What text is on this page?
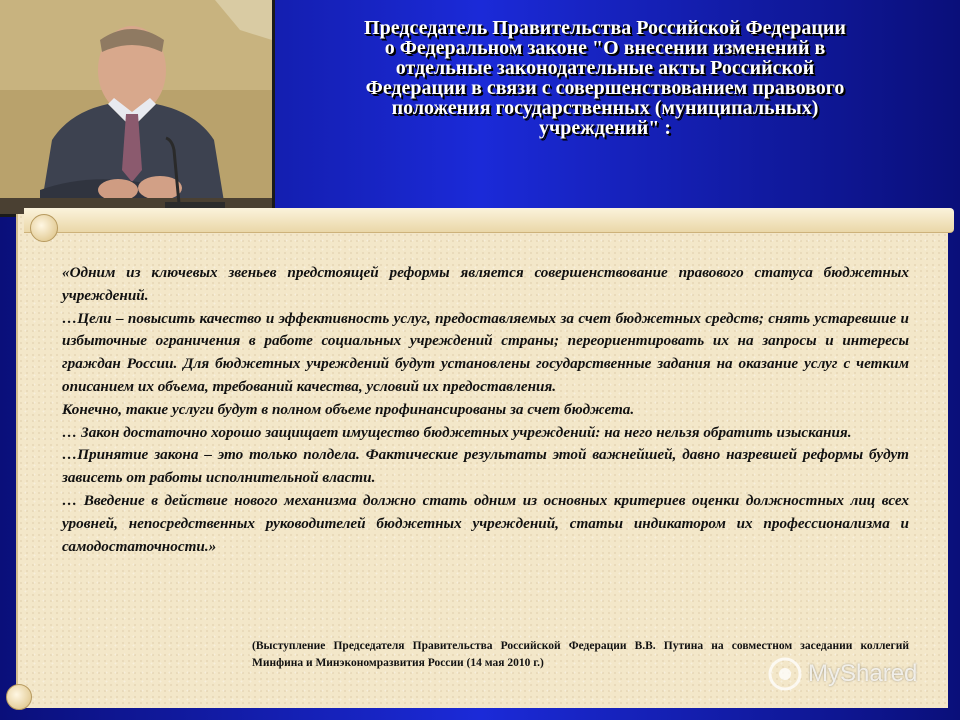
Председатель Правительства Российской Федерации
о Федеральном законе "О внесении изменений в
отдельные законодательные акты Российской
Федерации в связи с совершенствованием правового
положения государственных (муниципальных)
учреждений" :

«Одним из ключевых звеньев предстоящей реформы является совершенствование правового статуса бюджетных учреждений.

…Цели – повысить качество и эффективность услуг, предоставляемых за счет бюджетных средств; снять устаревшие и избыточные ограничения в работе социальных учреждений страны; переориентировать их на запросы и интересы граждан России. Для бюджетных учреждений будут установлены государственные задания на оказание услуг с четким описанием их объема, требований качества, условий их предоставления.

Конечно, такие услуги будут в полном объеме профинансированы за счет бюджета.

… Закон достаточно хорошо защищает имущество бюджетных учреждений: на него нельзя обратить изыскания.

…Принятие закона – это только полдела. Фактические результаты этой важнейшей, давно назревшей реформы будут зависеть от работы исполнительной власти.

… Введение в действие нового механизма должно стать одним из основных критериев оценки должностных лиц всех уровней, непосредственных руководителей бюджетных учреждений, статьи индикатором их профессионализма и самодостаточности.»

(Выступление Председателя Правительства Российской Федерации В.В. Путина на совместном заседании коллегий Минфина и Минэкономразвития России (14 мая 2010 г.)	MyShared
